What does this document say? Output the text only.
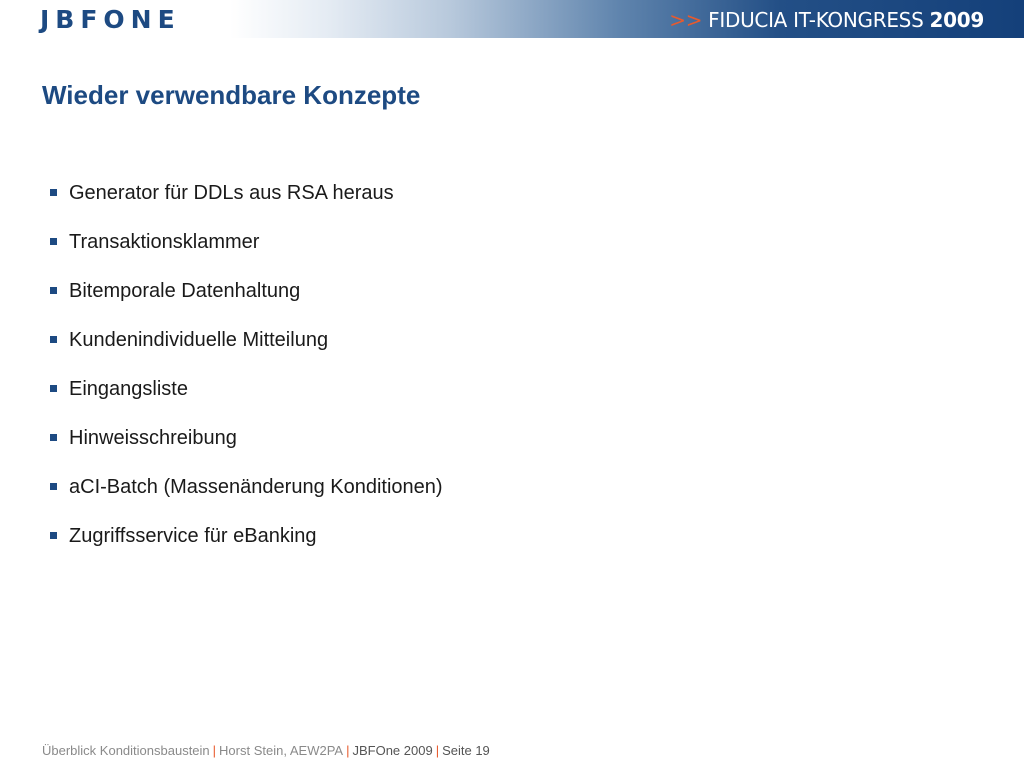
JBFONE	>> FIDUCIA IT-KONGRESS 2009
Wieder verwendbare Konzepte
Generator für DDLs aus RSA heraus
Transaktionsklammer
Bitemporale Datenhaltung
Kundenindividuelle Mitteilung
Eingangsliste
Hinweisschreibung
aCI-Batch (Massenänderung Konditionen)
Zugriffsservice für eBanking
Überblick Konditionsbaustein | Horst Stein, AEW2PA | JBFOne 2009 | Seite 19
